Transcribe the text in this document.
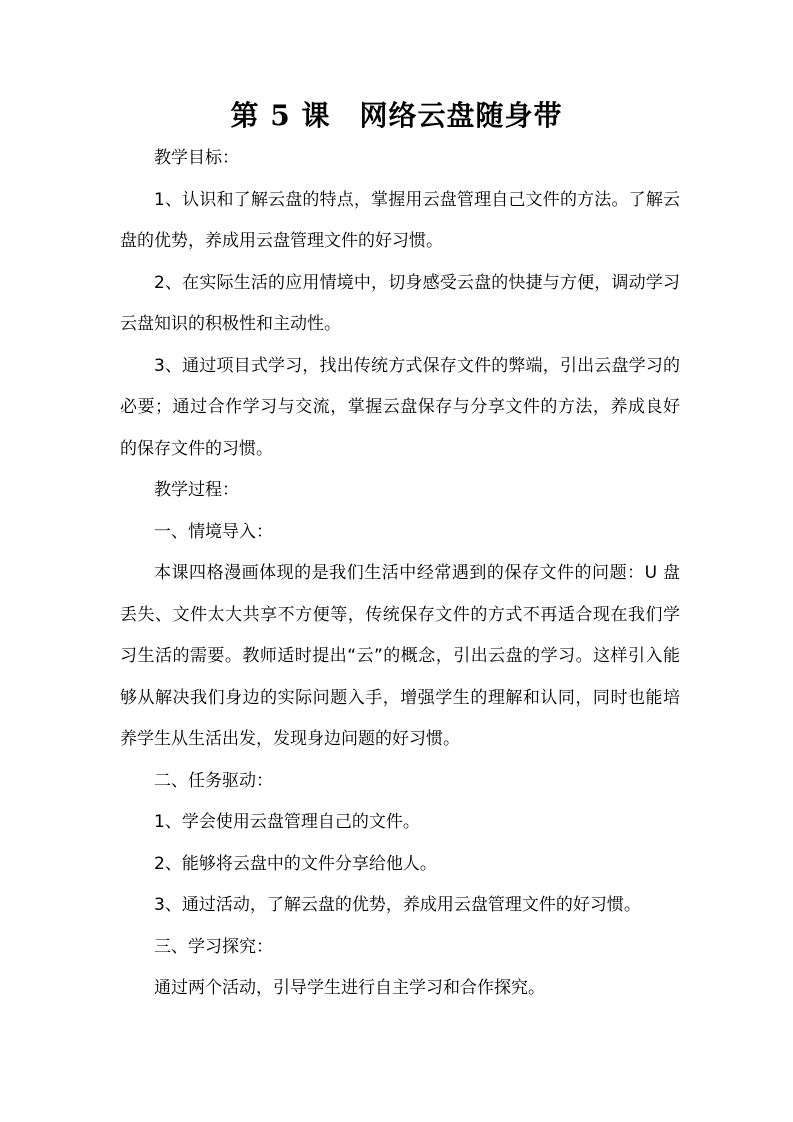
第 5 课　网络云盘随身带

教学目标：

1、认识和了解云盘的特点，掌握用云盘管理自己文件的方法。了解云盘的优势，养成用云盘管理文件的好习惯。

2、在实际生活的应用情境中，切身感受云盘的快捷与方便，调动学习云盘知识的积极性和主动性。

3、通过项目式学习，找出传统方式保存文件的弊端，引出云盘学习的必要；通过合作学习与交流，掌握云盘保存与分享文件的方法，养成良好的保存文件的习惯。

教学过程：

一、情境导入：

本课四格漫画体现的是我们生活中经常遇到的保存文件的问题：U 盘丢失、文件太大共享不方便等，传统保存文件的方式不再适合现在我们学习生活的需要。教师适时提出“云”的概念，引出云盘的学习。这样引入能够从解决我们身边的实际问题入手，增强学生的理解和认同，同时也能培养学生从生活出发，发现身边问题的好习惯。

二、任务驱动：

1、学会使用云盘管理自己的文件。

2、能够将云盘中的文件分享给他人。

3、通过活动，了解云盘的优势，养成用云盘管理文件的好习惯。

三、学习探究：

通过两个活动，引导学生进行自主学习和合作探究。
